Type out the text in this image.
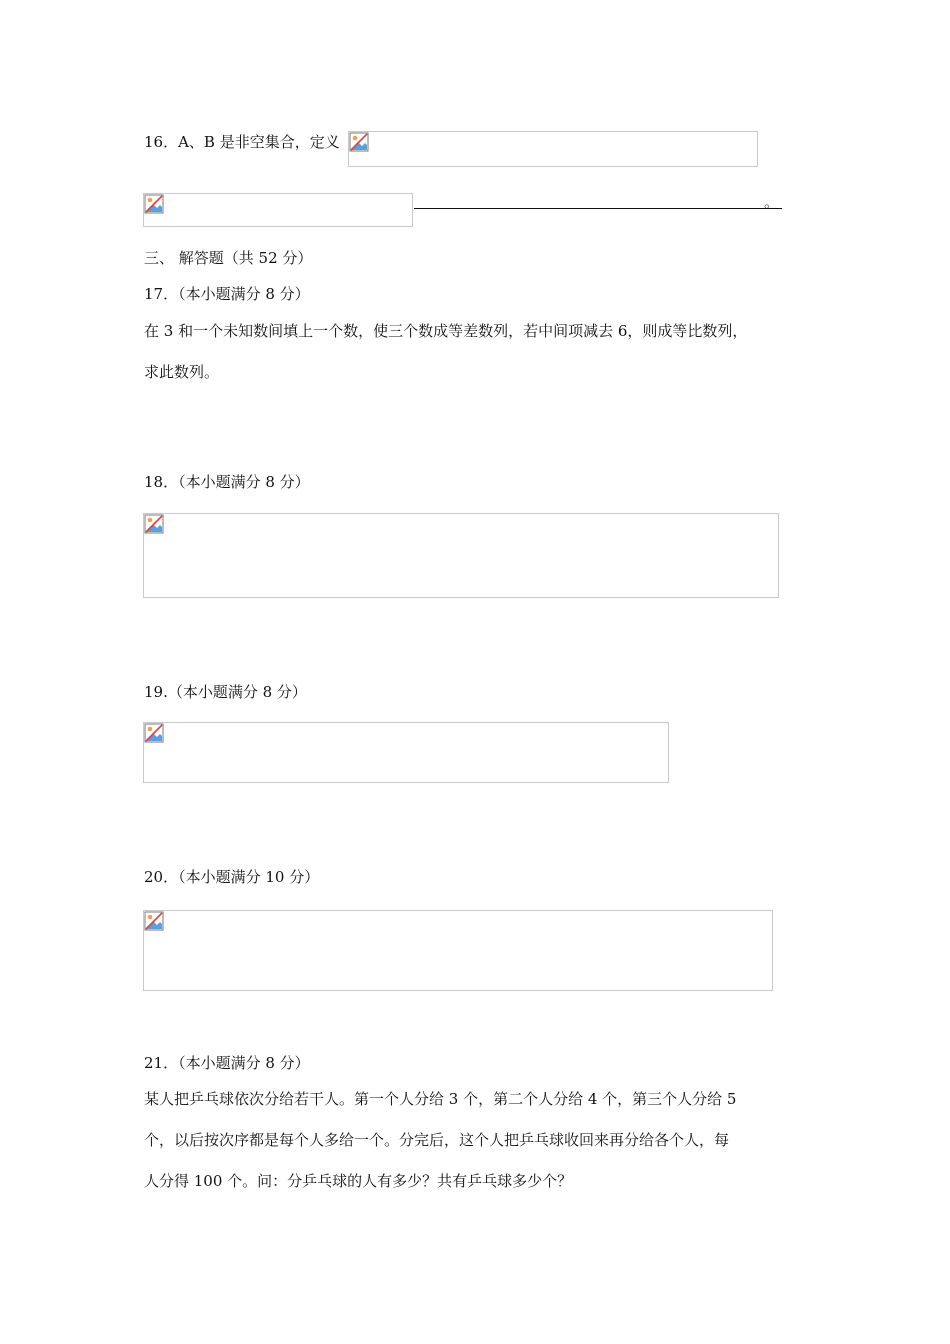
16．A、B 是非空集合，定义
。
三、 解答题（共 52 分）
17．（本小题满分 8 分）
在 3 和一个未知数间填上一个数，使三个数成等差数列，若中间项减去 6，则成等比数列，
求此数列。
18．（本小题满分 8 分）
19.（本小题满分 8 分）
20．（本小题满分 10 分）
21．（本小题满分 8 分）
某人把乒乓球依次分给若干人。第一个人分给 3 个，第二个人分给 4 个，第三个人分给 5
个，以后按次序都是每个人多给一个。分完后，这个人把乒乓球收回来再分给各个人，每
人分得 100 个。问：分乒乓球的人有多少？共有乒乓球多少个？
